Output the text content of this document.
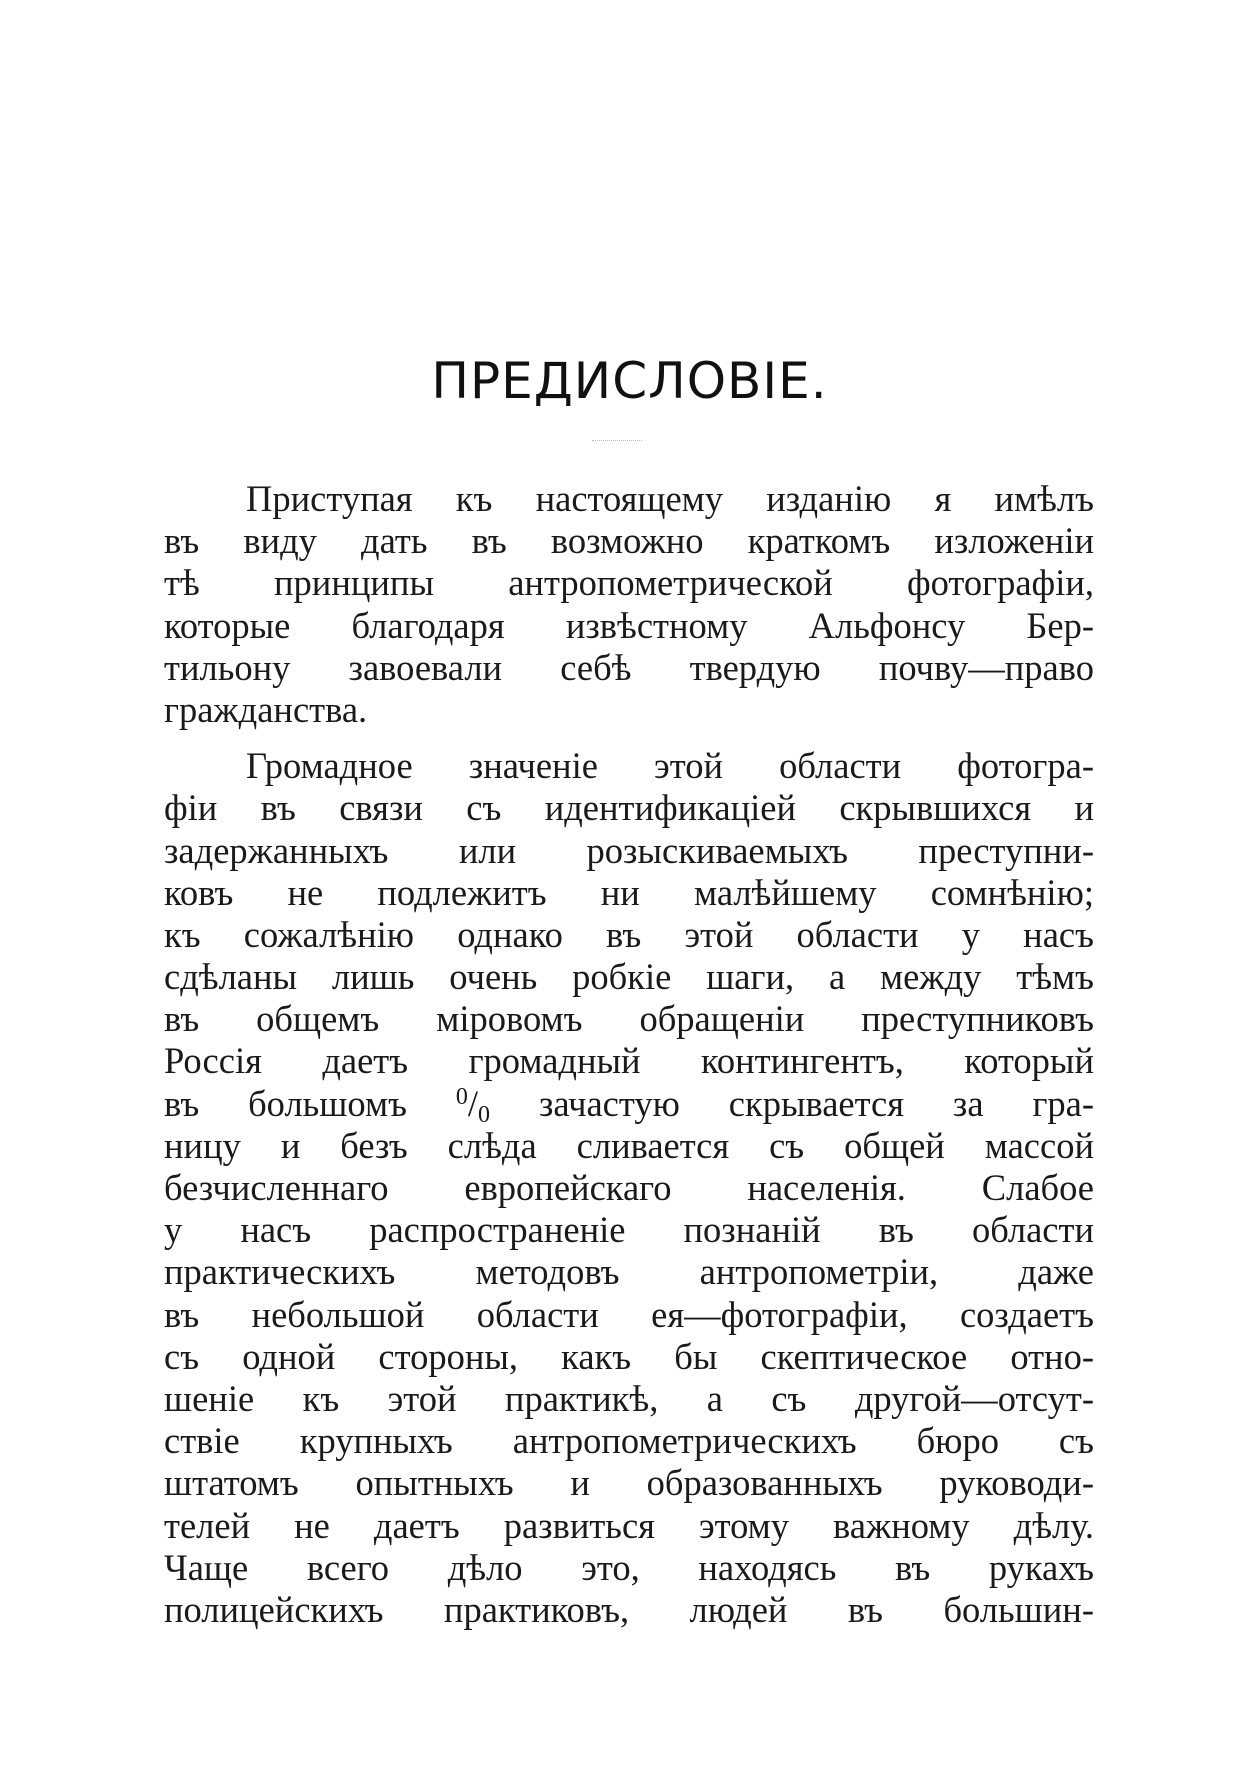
ПРЕДИСЛОВІЕ.
Приступая къ настоящему изданію я имѣлъ
въ виду дать въ возможно краткомъ изложеніи
тѣ принципы антропометрической фотографіи,
которые благодаря извѣстному Альфонсу Бер-
тильону завоевали себѣ твердую почву—право
гражданства.
Громадное значеніе этой области фотогра-
фіи въ связи съ идентификаціей скрывшихся и
задержанныхъ или розыскиваемыхъ преступни-
ковъ не подлежитъ ни малѣйшему сомнѣнію;
къ сожалѣнію однако въ этой области у насъ
сдѣланы лишь очень робкіе шаги, а между тѣмъ
въ общемъ міровомъ обращеніи преступниковъ
Россія даетъ громадный контингентъ, который
въ большомъ $^0/_0$ зачастую скрывается за гра-
ницу и безъ слѣда сливается съ общей массой
безчисленнаго европейскаго населенія. Слабое
у насъ распространеніе познаній въ области
практическихъ методовъ антропометріи, даже
въ небольшой области ея—фотографіи, создаетъ
съ одной стороны, какъ бы скептическое отно-
шеніе къ этой практикѣ, а съ другой—отсут-
ствіе крупныхъ антропометрическихъ бюро съ
штатомъ опытныхъ и образованныхъ руководи-
телей не даетъ развиться этому важному дѣлу.
Чаще всего дѣло это, находясь въ рукахъ
полицейскихъ практиковъ, людей въ большин-
